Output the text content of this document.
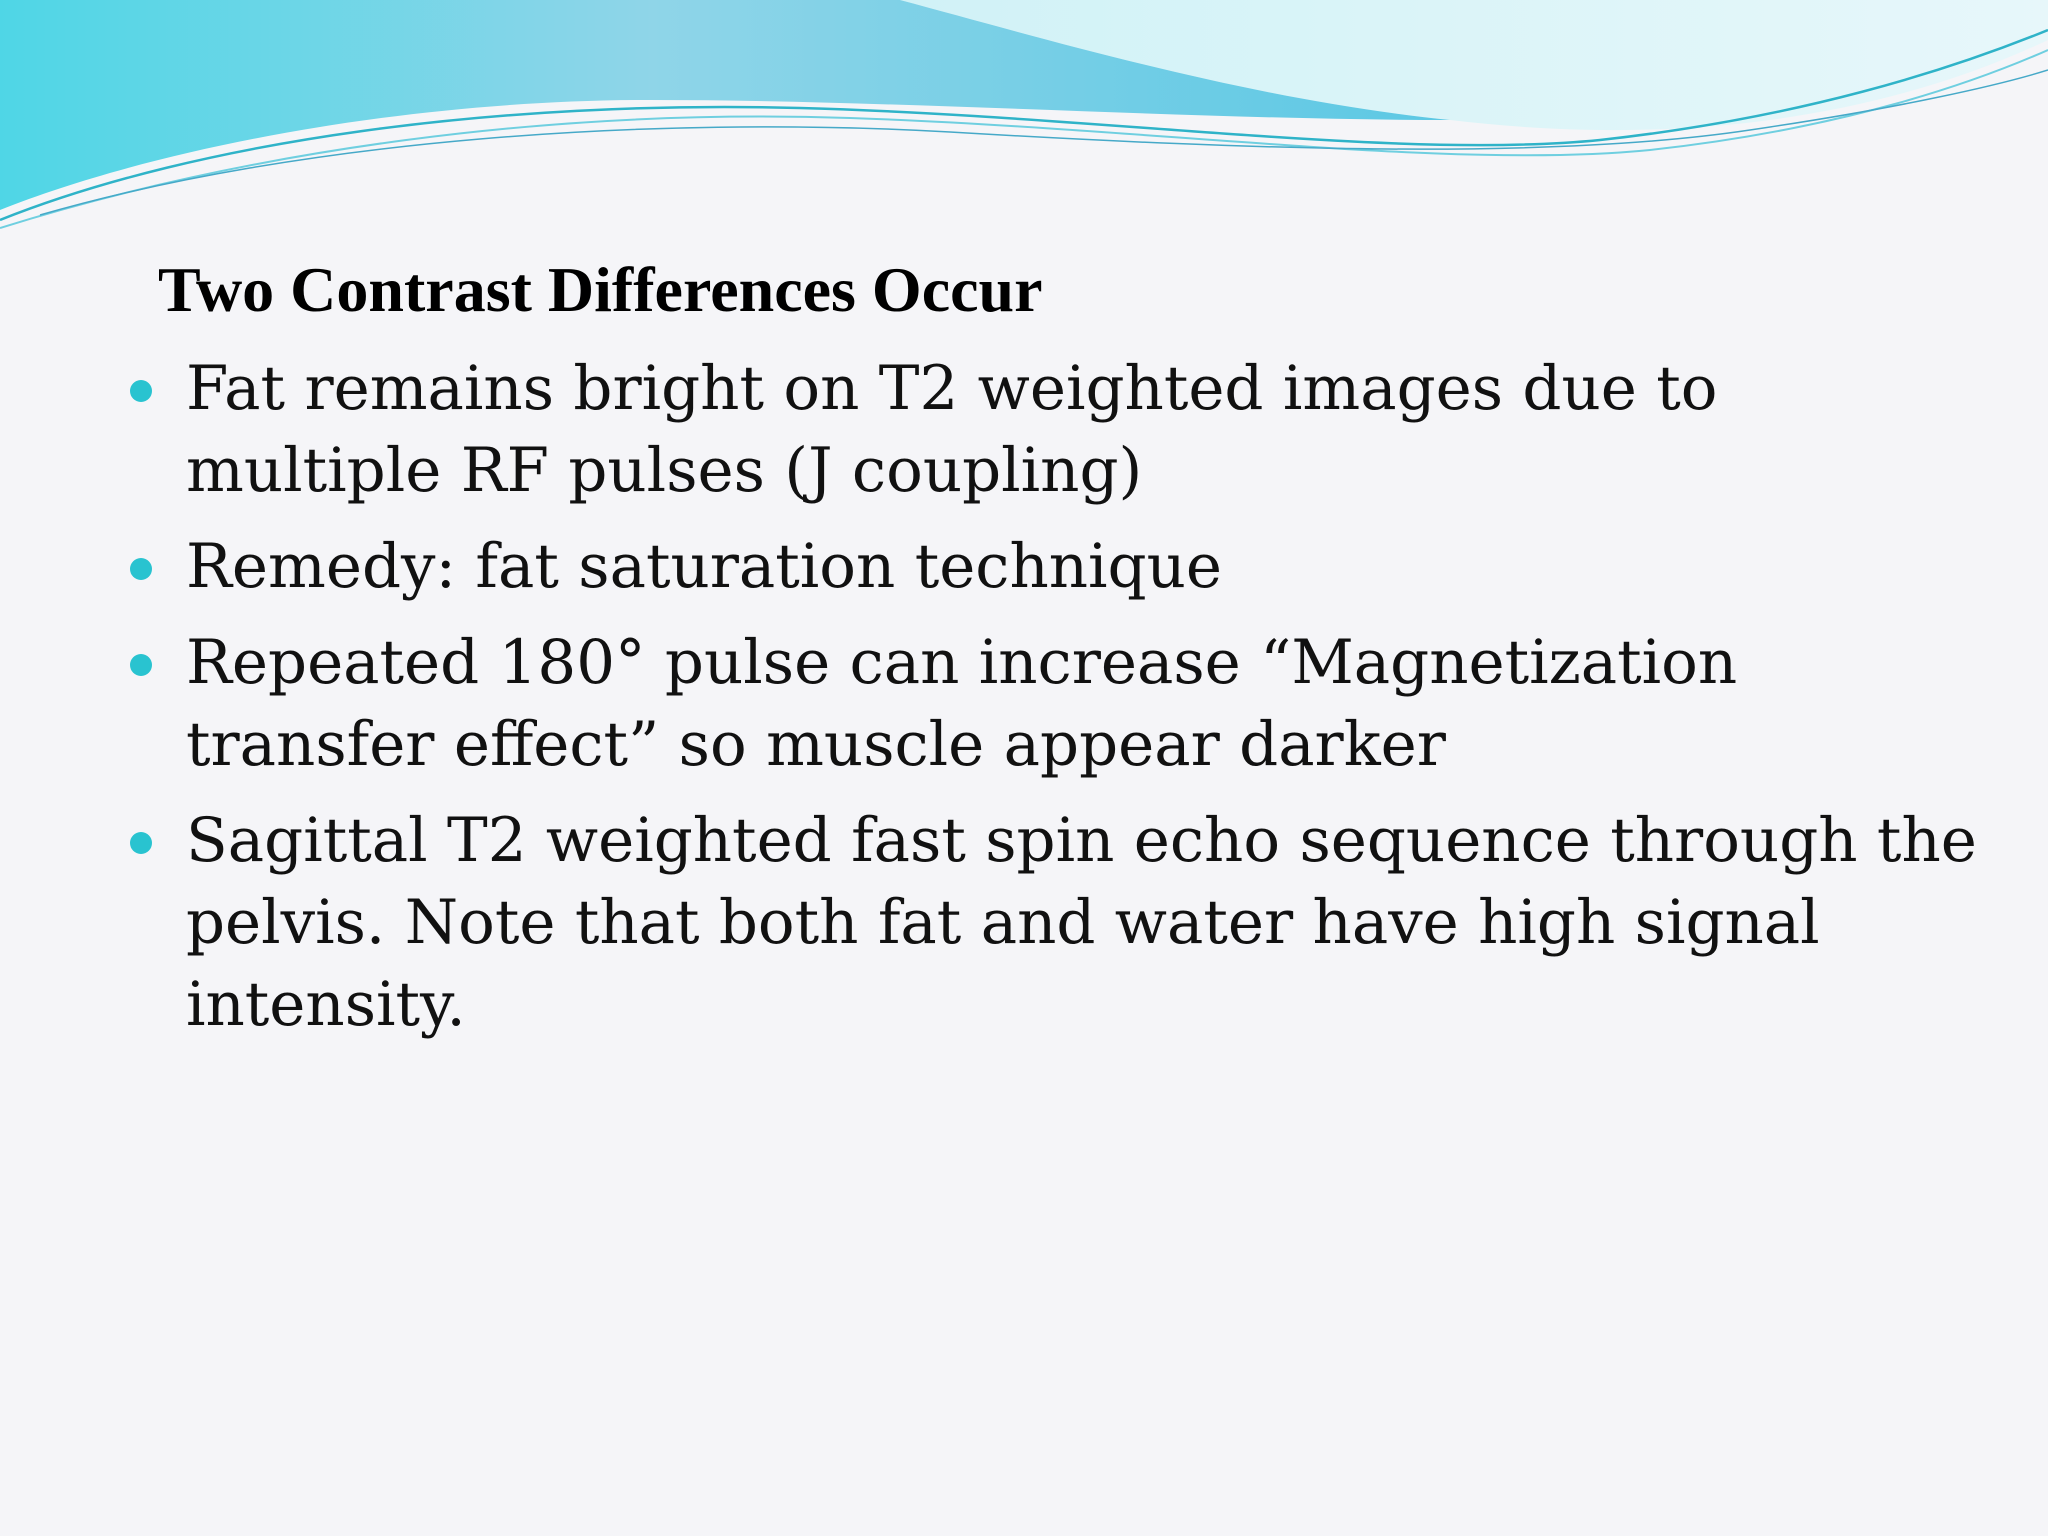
Two Contrast Differences Occur
Fat remains bright on T2 weighted images due to multiple RF pulses (J coupling)
Remedy: fat saturation technique
Repeated 180° pulse can increase “Magnetization transfer effect” so muscle appear darker
Sagittal T2 weighted fast spin echo sequence through the pelvis. Note that both fat and water have high signal intensity.
